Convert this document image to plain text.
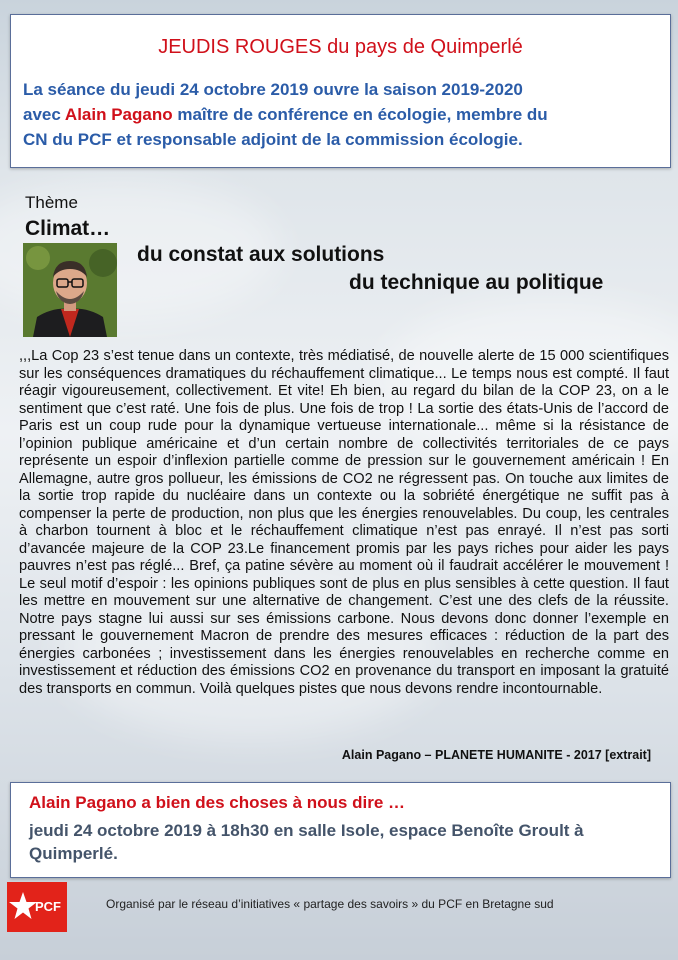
JEUDIS ROUGES du pays de Quimperlé
La séance du jeudi 24 octobre 2019 ouvre la saison 2019-2020
avec Alain Pagano maître de conférence en écologie, membre du
CN du PCF et responsable adjoint de la commission écologie.
Thème
Climat…
du constat aux solutions
du technique au politique
,,,La Cop 23 s’est tenue dans un contexte, très médiatisé, de nouvelle alerte de 15 000 scientifiques sur les conséquences dramatiques du réchauffement climatique... Le temps nous est compté. Il faut réagir vigoureusement, collectivement. Et vite! Eh bien, au regard du bilan de la COP 23, on a le sentiment que c’est raté. Une fois de plus. Une fois de trop ! La sortie des états-Unis de l’accord de Paris est un coup rude pour la dynamique vertueuse internationale... même si la résistance de l’opinion publique américaine et d’un certain nombre de collectivités territoriales de ce pays représente un espoir d’inflexion partielle comme de pression sur le gouvernement américain ! En Allemagne, autre gros pollueur, les émissions de CO2 ne régressent pas. On touche aux limites de la sortie trop rapide du nucléaire dans un contexte ou la sobriété énergétique ne suffit pas à compenser la perte de production, non plus que les énergies renouvelables. Du coup, les centrales à charbon tournent à bloc et le réchauffement climatique n’est pas enrayé. Il n’est pas sorti d’avancée majeure de la COP 23.Le financement promis par les pays riches pour aider les pays pauvres n’est pas réglé... Bref, ça patine sévère au moment où il faudrait accélérer le mouvement ! Le seul motif d’espoir : les opinions publiques sont de plus en plus sensibles à cette question. Il faut les mettre en mouvement sur une alternative de changement. C’est une des clefs de la réussite. Notre pays stagne lui aussi sur ses émissions carbone. Nous devons donc donner l’exemple en pressant le gouvernement Macron de prendre des mesures efficaces : réduction de la part des énergies carbonées ; investissement dans les énergies renouvelables en recherche comme en investissement et réduction des émissions CO2 en provenance du transport en imposant la gratuité des transports en commun. Voilà quelques pistes que nous devons rendre incontournable.
Alain Pagano – PLANETE HUMANITE - 2017 [extrait]
Alain Pagano a bien des choses à nous dire …
jeudi 24 octobre 2019 à 18h30 en salle Isole, espace Benoîte Groult à Quimperlé.
PCF	Organisé par le réseau d’initiatives « partage des savoirs » du PCF en Bretagne sud
